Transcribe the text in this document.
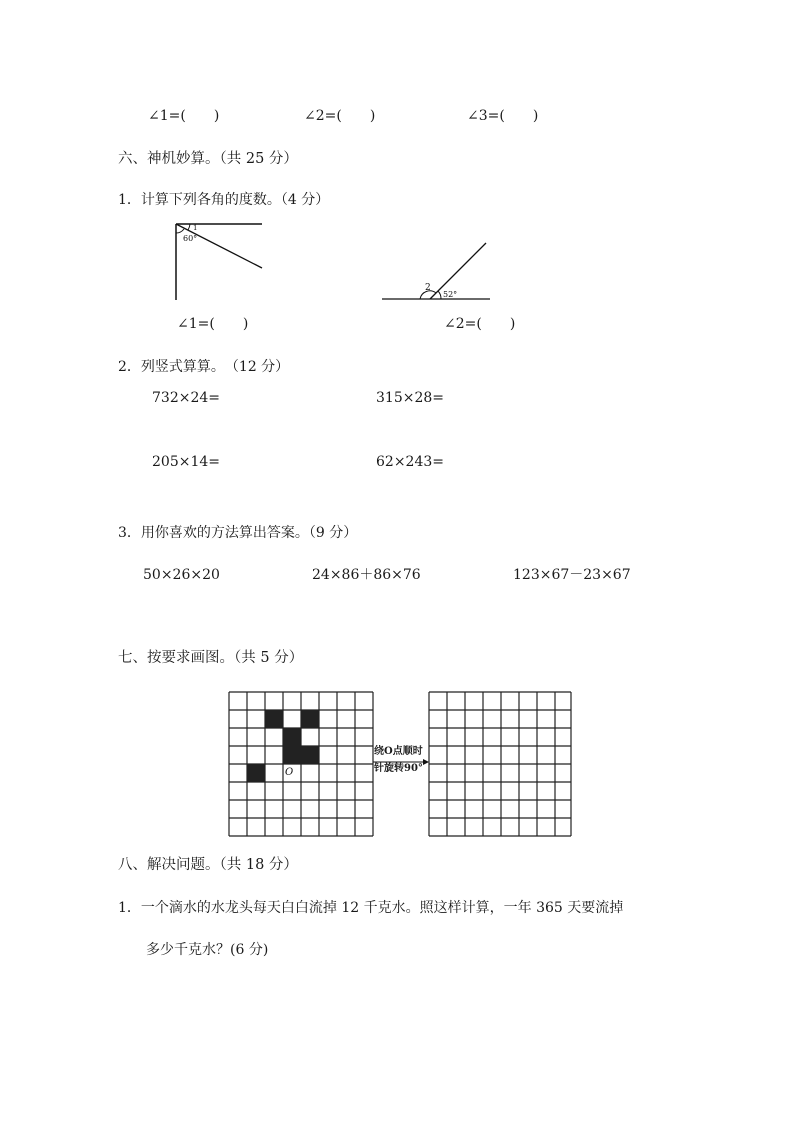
∠1=(　　)	∠2=(　　)	∠3=(　　)
六、神机妙算。（共 25 分）
1．计算下列各角的度数。（4 分）
60°
1
2
52°
∠1=(　　)	∠2=(　　)
2．列竖式算算。　（12 分）
732×24=	315×28=
205×14=	62×243=
3．用你喜欢的方法算出答案。（9 分）
50×26×20	24×86＋86×76	123×67－23×67
七、按要求画图。（共 5 分）
O
绕O点顺时
针旋转90°
八、解决问题。（共 18 分）
1．一个滴水的水龙头每天白白流掉 12 千克水。照这样计算，一年 365 天要流掉
多少千克水？(6 分)
